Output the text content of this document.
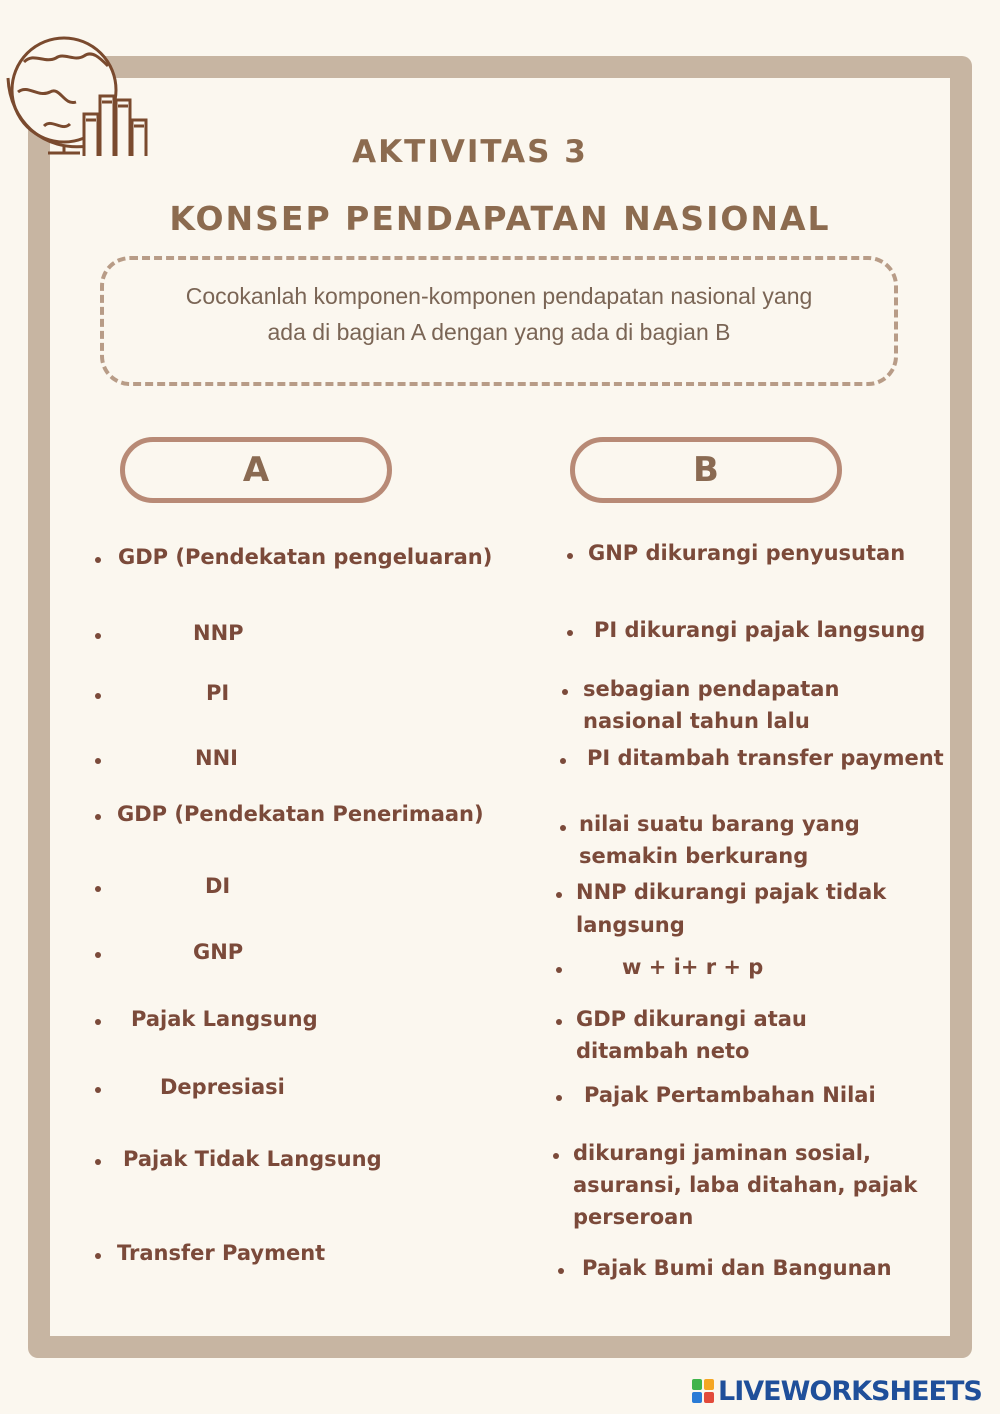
AKTIVITAS 3
KONSEP PENDAPATAN NASIONAL
Cocokanlah komponen-komponen pendapatan nasional yang
ada di bagian A dengan yang ada di bagian B
A	B
GDP (Pendekatan pengeluaran)
NNP
PI
NNI
GDP (Pendekatan Penerimaan)
DI
GNP
Pajak Langsung
Depresiasi
Pajak Tidak Langsung
Transfer Payment
GNP dikurangi penyusutan
PI dikurangi pajak langsung
sebagian pendapatan
nasional tahun lalu
PI ditambah transfer payment
nilai suatu barang yang
semakin berkurang
NNP dikurangi pajak tidak
langsung
w + i+ r + p
GDP dikurangi atau
ditambah neto
Pajak Pertambahan Nilai
dikurangi jaminan sosial,
asuransi, laba ditahan, pajak
perseroan
Pajak Bumi dan Bangunan
LIVEWORKSHEETS
